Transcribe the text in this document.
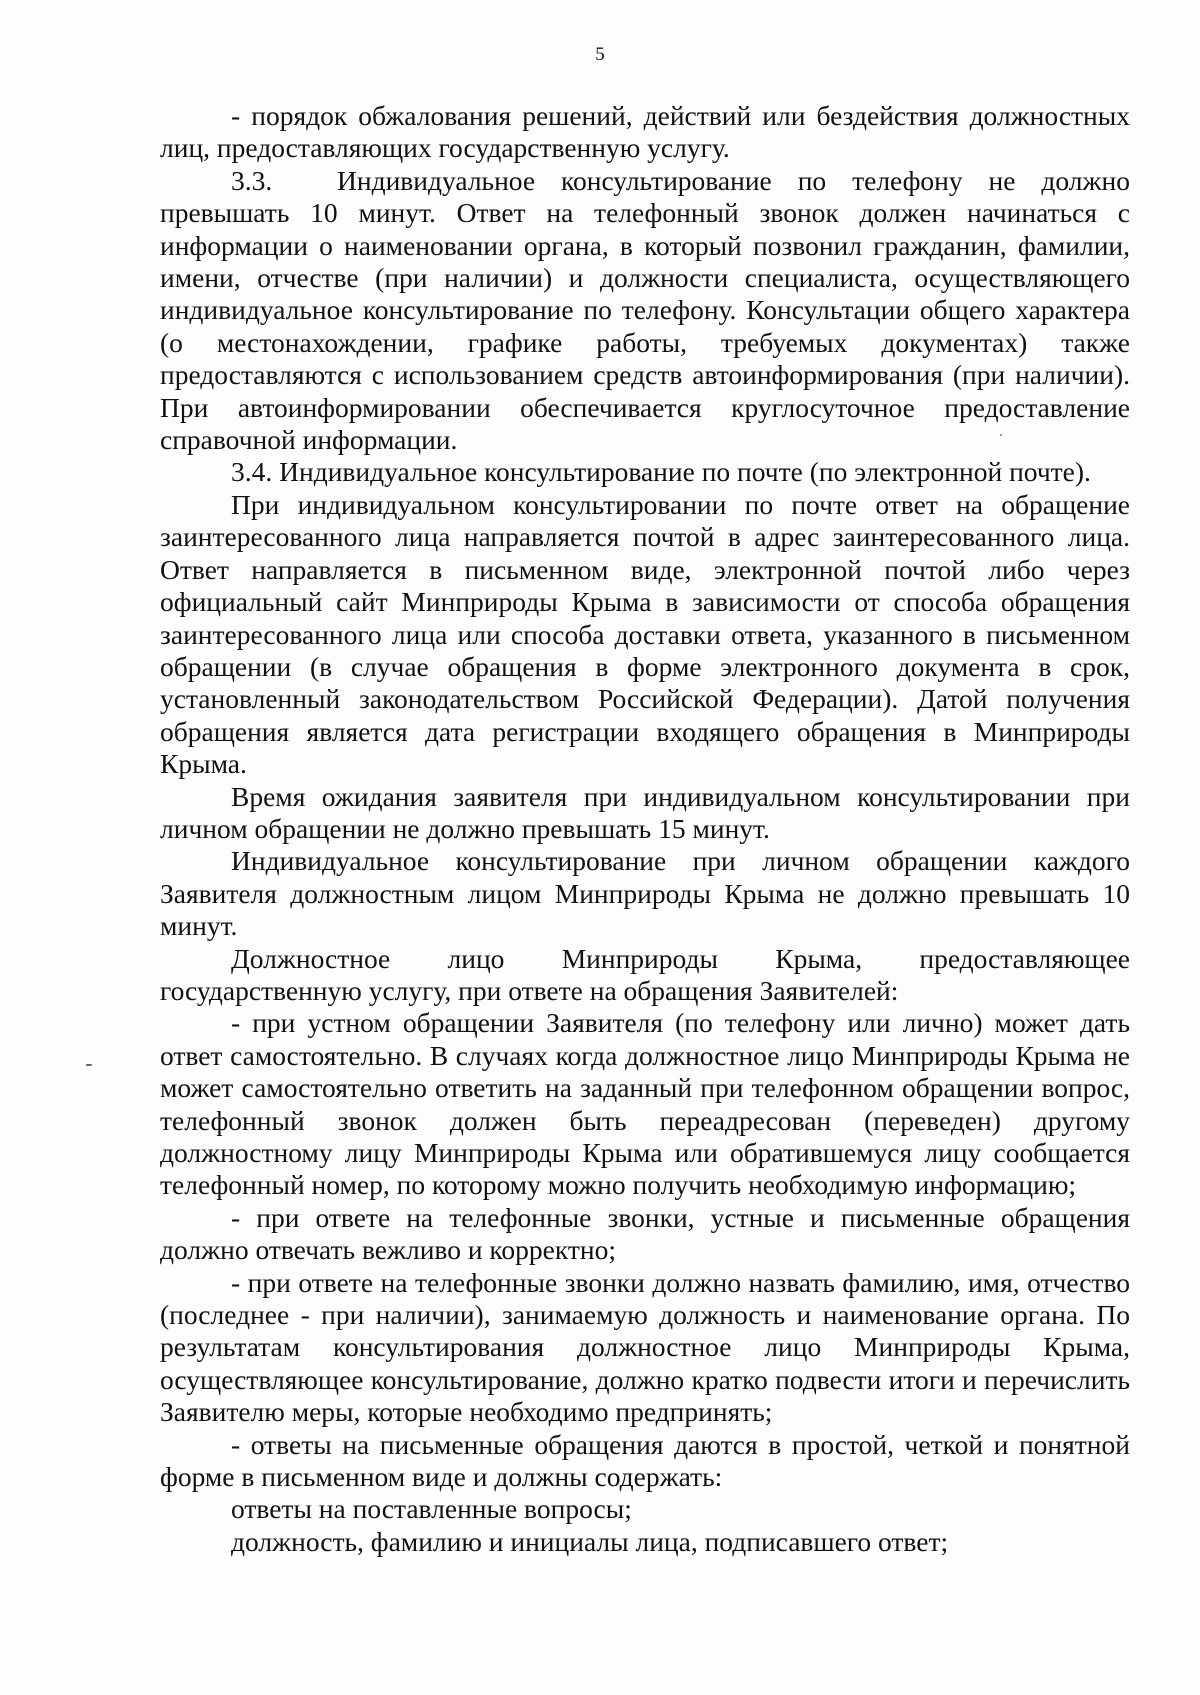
5

- порядок обжалования решений, действий или бездействия должностных лиц, предоставляющих государственную услугу.

3.3. Индивидуальное консультирование по телефону не должно превышать 10 минут. Ответ на телефонный звонок должен начинаться с информации о наименовании органа, в который позвонил гражданин, фамилии, имени, отчестве (при наличии) и должности специалиста, осуществляющего индивидуальное консультирование по телефону. Консультации общего характера (о местонахождении, графике работы, требуемых документах) также предоставляются с использованием средств автоинформирования (при наличии). При автоинформировании обеспечивается круглосуточное предоставление справочной информации.

3.4. Индивидуальное консультирование по почте (по электронной почте).

При индивидуальном консультировании по почте ответ на обращение заинтересованного лица направляется почтой в адрес заинтересованного лица. Ответ направляется в письменном виде, электронной почтой либо через официальный сайт Минприроды Крыма в зависимости от способа обращения заинтересованного лица или способа доставки ответа, указанного в письменном обращении (в случае обращения в форме электронного документа в срок, установленный законодательством Российской Федерации). Датой получения обращения является дата регистрации входящего обращения в Минприроды Крыма.

Время ожидания заявителя при индивидуальном консультировании при личном обращении не должно превышать 15 минут.

Индивидуальное консультирование при личном обращении каждого Заявителя должностным лицом Минприроды Крыма не должно превышать 10 минут.

Должностное лицо Минприроды Крыма, предоставляющее государственную услугу, при ответе на обращения Заявителей:

- при устном обращении Заявителя (по телефону или лично) может дать ответ самостоятельно. В случаях когда должностное лицо Минприроды Крыма не может самостоятельно ответить на заданный при телефонном обращении вопрос, телефонный звонок должен быть переадресован (переведен) другому должностному лицу Минприроды Крыма или обратившемуся лицу сообщается телефонный номер, по которому можно получить необходимую информацию;

- при ответе на телефонные звонки, устные и письменные обращения должно отвечать вежливо и корректно;

- при ответе на телефонные звонки должно назвать фамилию, имя, отчество (последнее - при наличии), занимаемую должность и наименование органа. По результатам консультирования должностное лицо Минприроды Крыма, осуществляющее консультирование, должно кратко подвести итоги и перечислить Заявителю меры, которые необходимо предпринять;

- ответы на письменные обращения даются в простой, четкой и понятной форме в письменном виде и должны содержать:

ответы на поставленные вопросы;

должность, фамилию и инициалы лица, подписавшего ответ;
